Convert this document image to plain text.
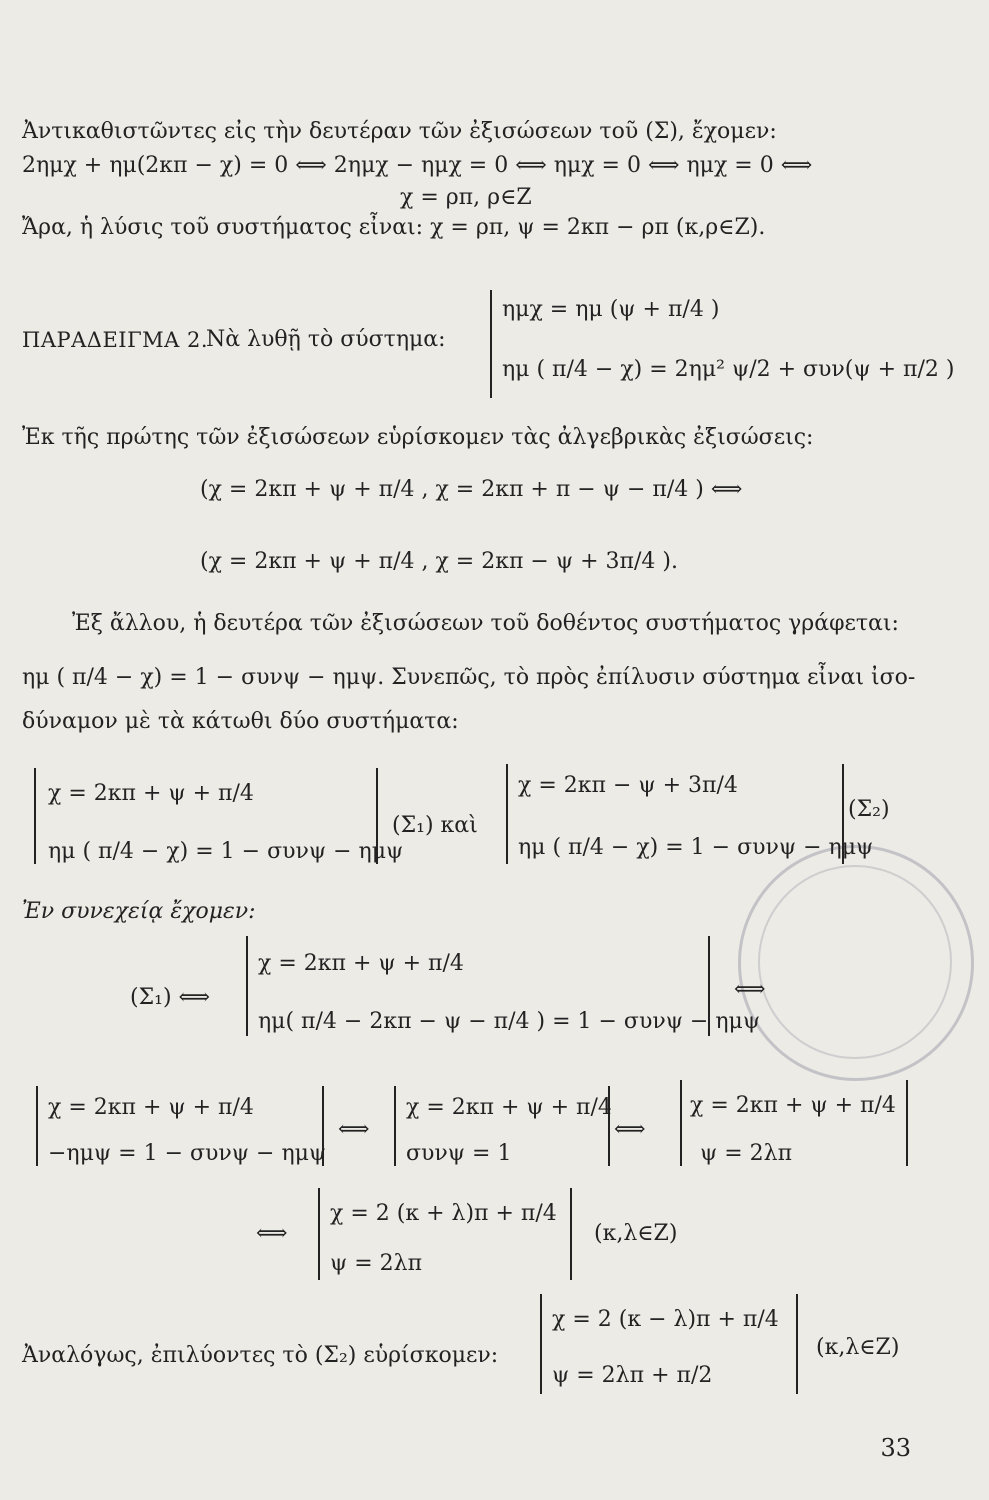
Ἀντικαθιστῶντες εἰς τὴν δευτέραν τῶν ἐξισώσεων τοῦ (Σ), ἔχομεν:
2ημχ + ημ(2κπ − χ) = 0 ⟺ 2ημχ − ημχ = 0 ⟺ ημχ = 0 ⟺ ημχ = 0 ⟺
χ = ρπ, ρ∈Ζ
Ἄρα, ἡ λύσις τοῦ συστήματος εἶναι: χ = ρπ, ψ = 2κπ − ρπ (κ,ρ∈Ζ).
ΠΑΡΑΔΕΙΓΜΑ 2.
Νὰ λυθῇ τὸ σύστημα:
ημχ = ημ (ψ + π/4 )
ημ ( π/4 − χ) = 2ημ² ψ/2 + συν(ψ + π/2 )
Ἐκ τῆς πρώτης τῶν ἐξισώσεων εὑρίσκομεν τὰς ἀλγεβρικὰς ἐξισώσεις:
(χ = 2κπ + ψ + π/4 , χ = 2κπ + π − ψ − π/4 ) ⟺
(χ = 2κπ + ψ + π/4 , χ = 2κπ − ψ + 3π/4 ).
Ἐξ ἄλλου, ἡ δευτέρα τῶν ἐξισώσεων τοῦ δοθέντος συστήματος γράφεται:
ημ ( π/4 − χ) = 1 − συνψ − ημψ. Συνεπῶς, τὸ πρὸς ἐπίλυσιν σύστημα εἶναι ἰσο-
δύναμον μὲ τὰ κάτωθι δύο συστήματα:
χ = 2κπ + ψ + π/4
ημ ( π/4 − χ) = 1 − συνψ − ημψ
(Σ₁) καὶ
χ = 2κπ − ψ + 3π/4
ημ ( π/4 − χ) = 1 − συνψ − ημψ
(Σ₂)
Ἐν συνεχείᾳ ἔχομεν:
(Σ₁) ⟺
χ = 2κπ + ψ + π/4
ημ( π/4 − 2κπ − ψ − π/4 ) = 1 − συνψ − ημψ
⟺
χ = 2κπ + ψ + π/4
−ημψ = 1 − συνψ − ημψ
⟺
χ = 2κπ + ψ + π/4
συνψ = 1
⟺
χ = 2κπ + ψ + π/4
ψ = 2λπ
⟺
χ = 2 (κ + λ)π + π/4
ψ = 2λπ
(κ,λ∈Ζ)
Ἀναλόγως, ἐπιλύοντες τὸ (Σ₂) εὑρίσκομεν:
χ = 2 (κ − λ)π + π/4
ψ = 2λπ + π/2
(κ,λ∈Ζ)
33
